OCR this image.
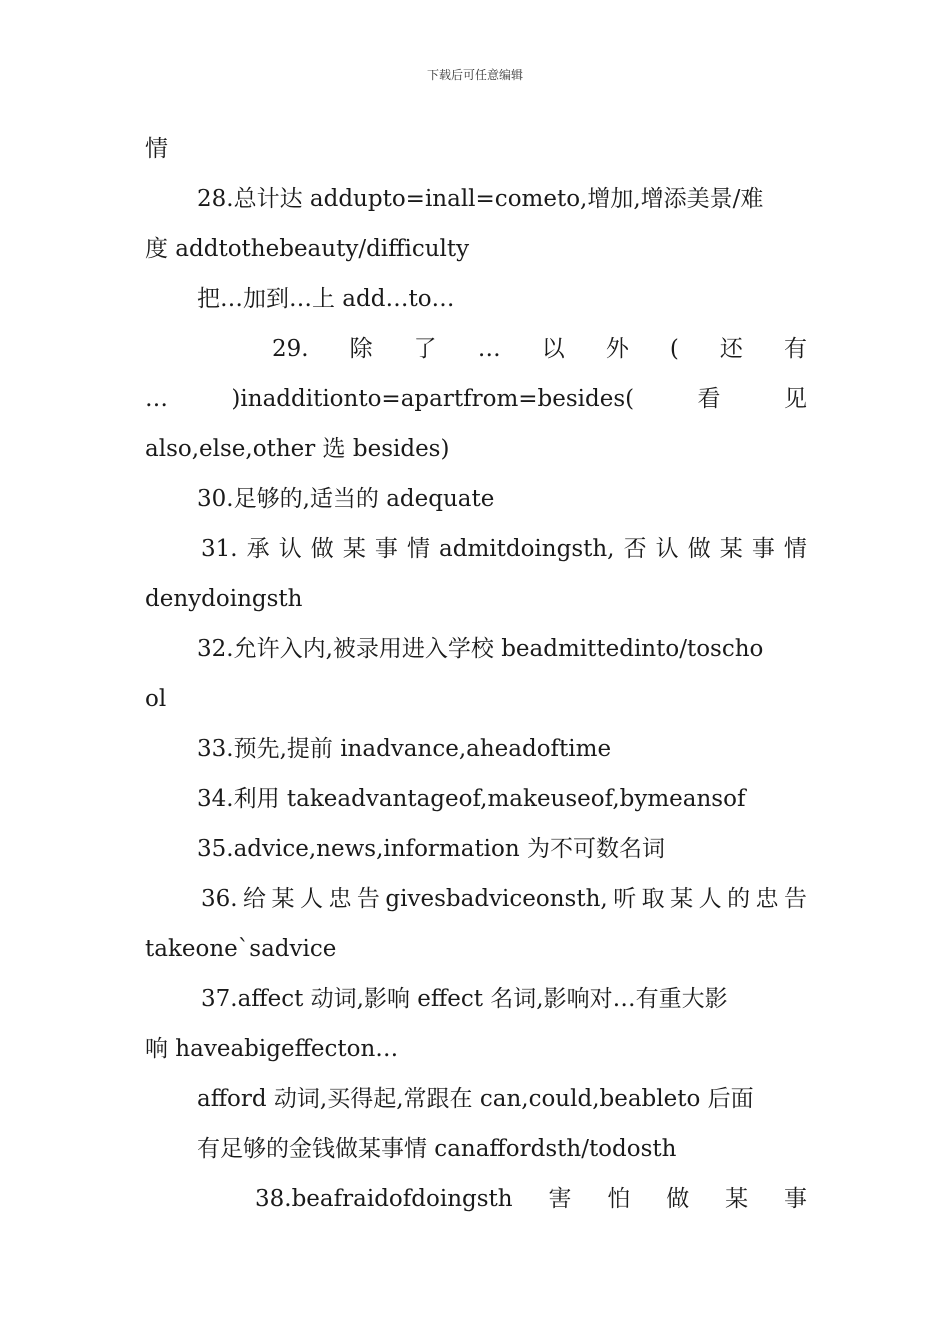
下载后可任意编辑
情
28.总计达 addupto=inall=cometo,增加,增添美景/难
度 addtothebeauty/difficulty
把…加到…上 add…to…
29. 除 了 … 以 外 ( 还 有
…	)inadditionto=apartfrom=besides(	看	见
also,else,other 选 besides)
30.足够的,适当的 adequate
31. 承 认 做 某 事 情 admitdoingsth, 否 认 做 某 事 情
denydoingsth
32.允许入内,被录用进入学校 beadmittedinto/toscho
ol
33.预先,提前 inadvance,aheadoftime
34.利用 takeadvantageof,makeuseof,bymeansof
35.advice,news,information 为不可数名词
36. 给 某 人 忠 告 givesbadviceonsth, 听 取 某 人 的 忠 告
takeone`sadvice
37.affect 动词,影响 effect 名词,影响对…有重大影
响 haveabigeffecton…
afford 动词,买得起,常跟在 can,could,beableto 后面
有足够的金钱做某事情 canaffordsth/todosth
38.beafraidofdoingsth 害 怕 做 某 事
